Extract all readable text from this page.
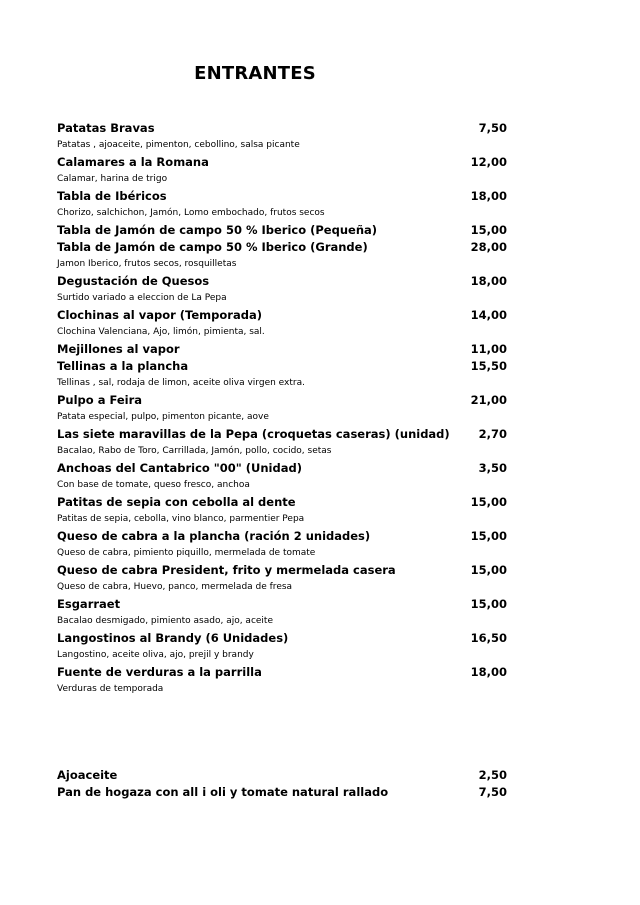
ENTRANTES
Patatas Bravas	7,50
Patatas , ajoaceite, pimenton, cebollino, salsa picante
Calamares a la Romana	12,00
Calamar, harina de trigo
Tabla de Ibéricos	18,00
Chorizo, salchichon, Jamón, Lomo embochado, frutos secos
Tabla de Jamón de campo 50 % Iberico (Pequeña)	15,00
Tabla de Jamón de campo 50 % Iberico (Grande)	28,00
Jamon Iberico, frutos secos, rosquilletas
Degustación de Quesos	18,00
Surtido variado a eleccion de La Pepa
Clochinas al vapor (Temporada)	14,00
Clochina Valenciana, Ajo, limón, pimienta, sal.
Mejillones al vapor	11,00
Tellinas a la plancha	15,50
Tellinas , sal, rodaja de limon, aceite oliva virgen extra.
Pulpo a Feira	21,00
Patata especial, pulpo, pimenton picante, aove
Las siete maravillas de la Pepa (croquetas caseras) (unidad)	2,70
Bacalao, Rabo de Toro, Carrillada, Jamón, pollo, cocido, setas
Anchoas del Cantabrico "00" (Unidad)	3,50
Con base de tomate, queso fresco, anchoa
Patitas de sepia con cebolla al dente	15,00
Patitas de sepia, cebolla, vino blanco, parmentier Pepa
Queso de cabra a la plancha (ración 2 unidades)	15,00
Queso de cabra, pimiento piquillo, mermelada de tomate
Queso de cabra President, frito y mermelada casera	15,00
Queso de cabra, Huevo, panco, mermelada de fresa
Esgarraet	15,00
Bacalao desmigado, pimiento asado, ajo, aceite
Langostinos al Brandy (6 Unidades)	16,50
Langostino, aceite oliva, ajo, prejil y brandy
Fuente de verduras a la parrilla	18,00
Verduras de temporada
Ajoaceite	2,50
Pan de hogaza con all i oli y tomate natural rallado	7,50
